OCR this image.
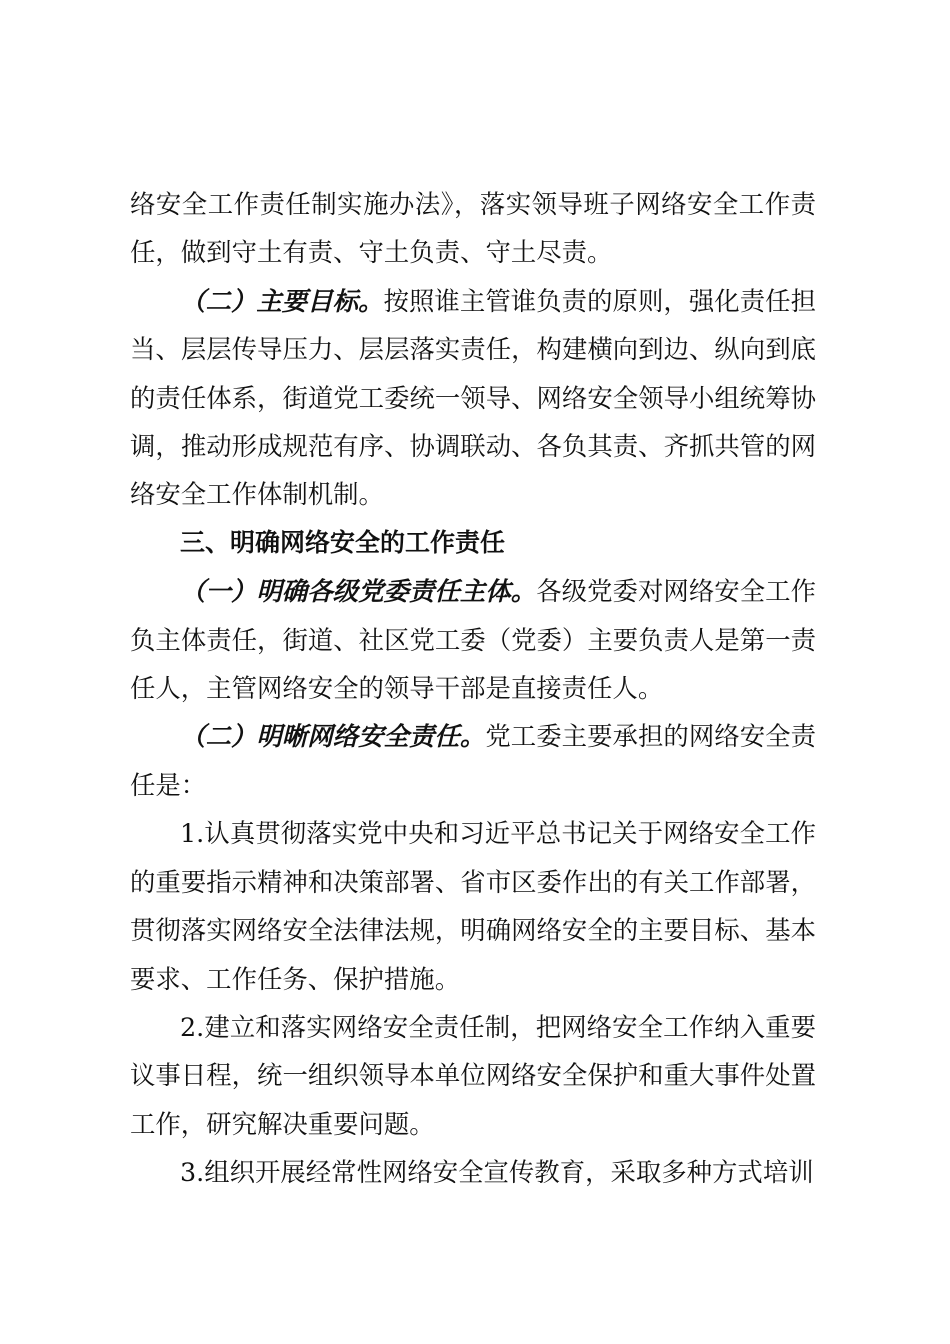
络安全工作责任制实施办法》，落实领导班子网络安全工作责任，做到守土有责、守土负责、守土尽责。

（二）主要目标。按照谁主管谁负责的原则，强化责任担当、层层传导压力、层层落实责任，构建横向到边、纵向到底的责任体系，街道党工委统一领导、网络安全领导小组统筹协调，推动形成规范有序、协调联动、各负其责、齐抓共管的网络安全工作体制机制。

三、明确网络安全的工作责任

（一）明确各级党委责任主体。各级党委对网络安全工作负主体责任，街道、社区党工委（党委）主要负责人是第一责任人，主管网络安全的领导干部是直接责任人。

（二）明晰网络安全责任。党工委主要承担的网络安全责任是：

1.认真贯彻落实党中央和习近平总书记关于网络安全工作的重要指示精神和决策部署、省市区委作出的有关工作部署，贯彻落实网络安全法律法规，明确网络安全的主要目标、基本要求、工作任务、保护措施。

2.建立和落实网络安全责任制，把网络安全工作纳入重要议事日程，统一组织领导本单位网络安全保护和重大事件处置工作，研究解决重要问题。

3.组织开展经常性网络安全宣传教育，采取多种方式培训
